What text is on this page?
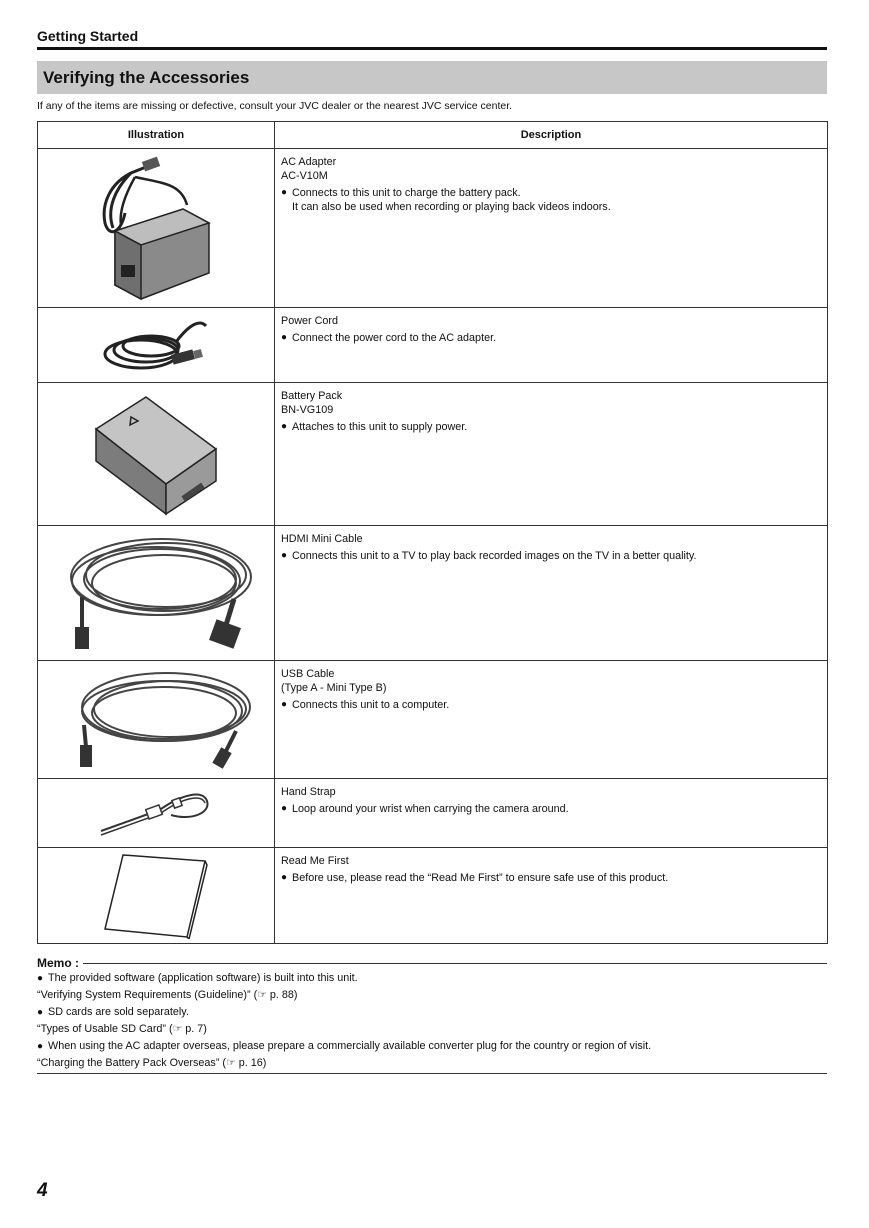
Getting Started
Verifying the Accessories
If any of the items are missing or defective, consult your JVC dealer or the nearest JVC service center.
Illustration	Description

AC Adapter
AC-V10M
● Connects to this unit to charge the battery pack.
It can also be used when recording or playing back videos indoors.

Power Cord
● Connect the power cord to the AC adapter.

Battery Pack
BN-VG109
● Attaches to this unit to supply power.

HDMI Mini Cable
● Connects this unit to a TV to play back recorded images on the TV in a better quality.

USB Cable
(Type A - Mini Type B)
● Connects this unit to a computer.

Hand Strap
● Loop around your wrist when carrying the camera around.

Read Me First
● Before use, please read the “Read Me First” to ensure safe use of this product.
Memo :
● The provided software (application software) is built into this unit.
“Verifying System Requirements (Guideline)” (☞ p. 88)
● SD cards are sold separately.
“Types of Usable SD Card” (☞ p. 7)
● When using the AC adapter overseas, please prepare a commercially available converter plug for the country or region of visit.
“Charging the Battery Pack Overseas” (☞ p. 16)
4
